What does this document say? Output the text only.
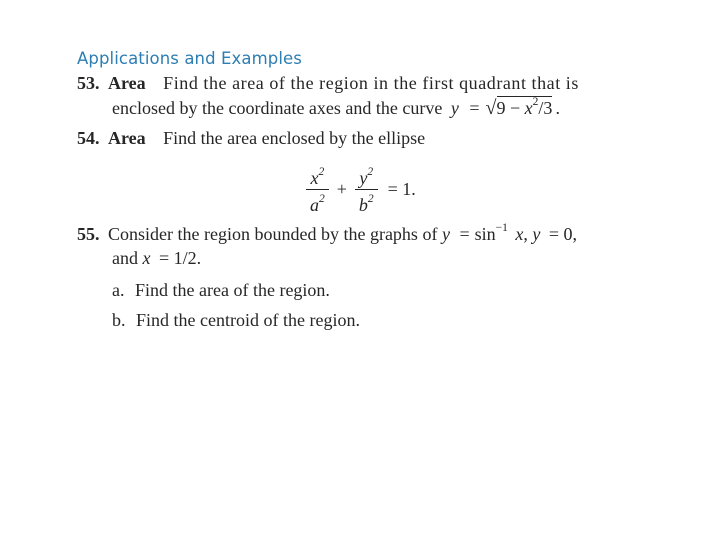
Applications and Examples
53. Area Find the area of the region in the first quadrant that is
enclosed by the coordinate axes and the curve $y = √9 - x^2/3$ .
54. Area Find the area enclosed by the ellipse
$\frac{x^2}{a^2} + \frac{y^2}{b^2} = 1$.
55. Consider the region bounded by the graphs of $y = \sin^{-1} x$, y = 0,
and x = 1/2.
a. Find the area of the region.
b. Find the centroid of the region.
